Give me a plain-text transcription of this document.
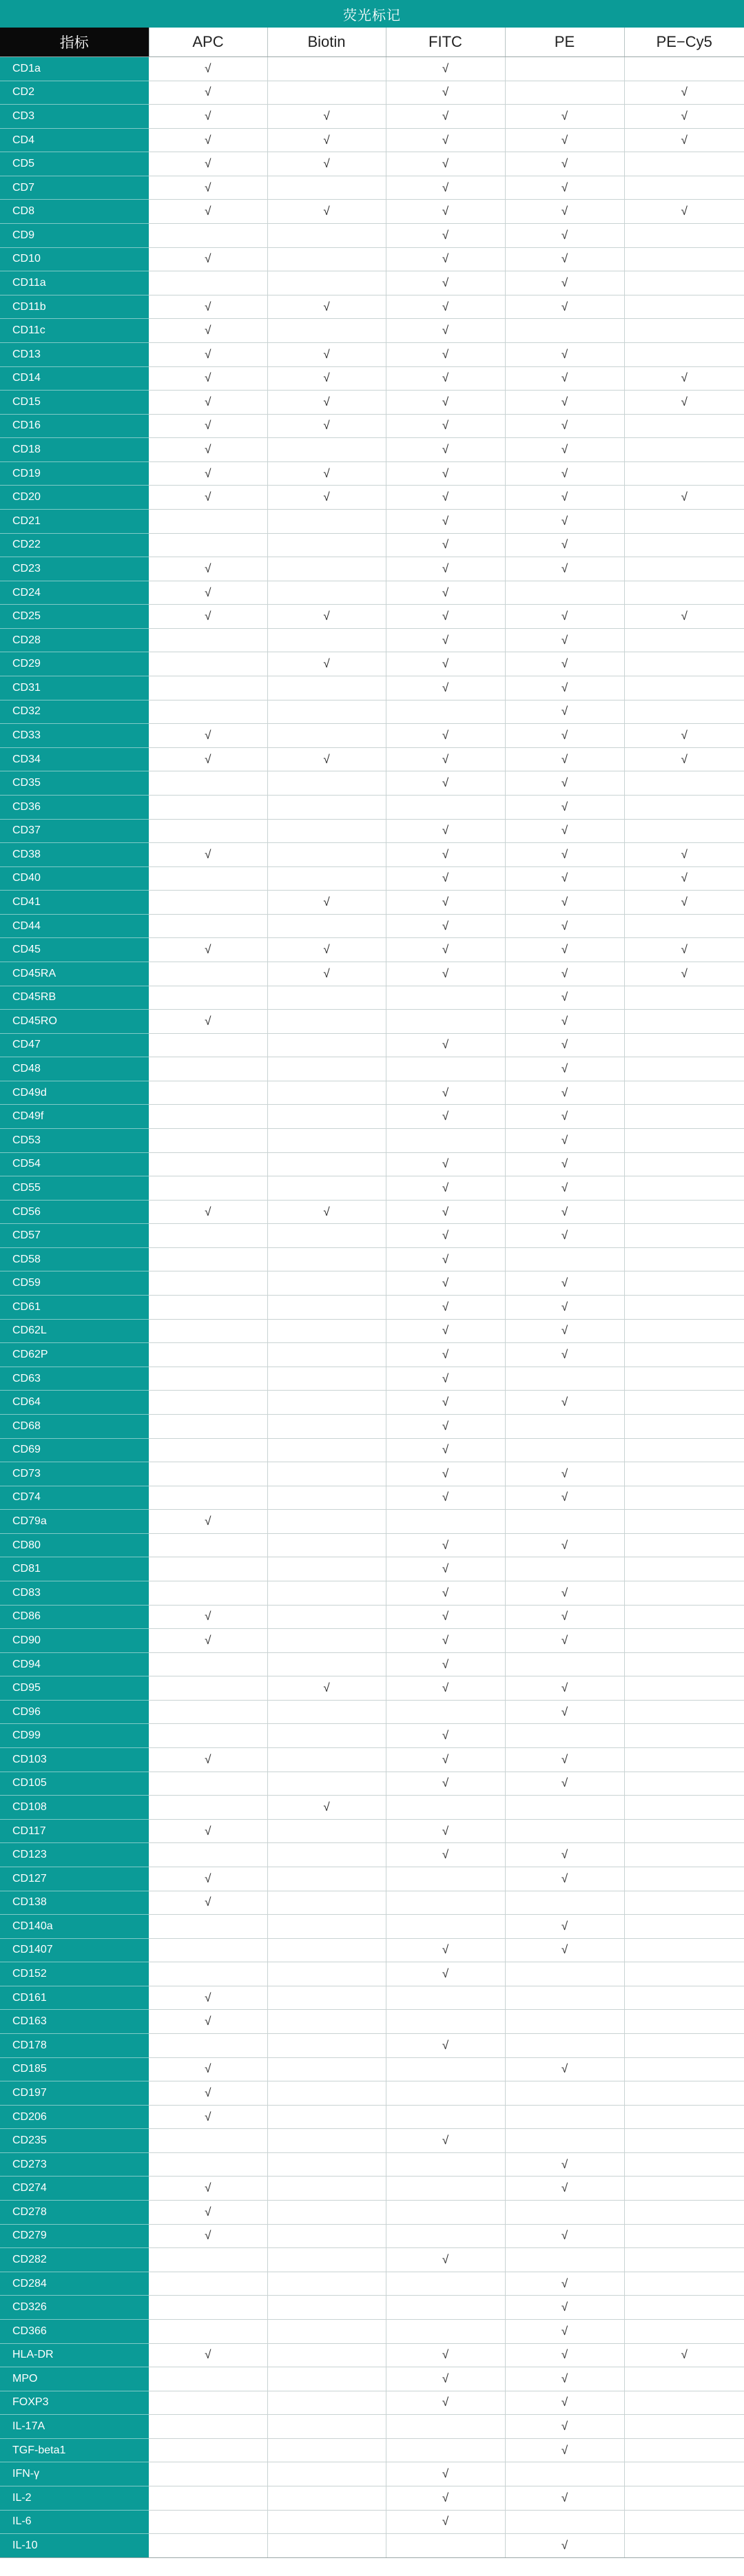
荧光标记
指标	APC	Biotin	FITC	PE	PE−Cy5
CD1a	√		√		
CD2	√		√		√
CD3	√	√	√	√	√
CD4	√	√	√	√	√
CD5	√	√	√	√	
CD7	√		√	√	
CD8	√	√	√	√	√
CD9			√	√	
CD10	√		√	√	
CD11a			√	√	
CD11b	√	√	√	√	
CD11c	√		√		
CD13	√	√	√	√	
CD14	√	√	√	√	√
CD15	√	√	√	√	√
CD16	√	√	√	√	
CD18	√		√	√	
CD19	√	√	√	√	
CD20	√	√	√	√	√
CD21			√	√	
CD22			√	√	
CD23	√		√	√	
CD24	√		√		
CD25	√	√	√	√	√
CD28			√	√	
CD29		√	√	√	
CD31			√	√	
CD32				√	
CD33	√		√	√	√
CD34	√	√	√	√	√
CD35			√	√	
CD36				√	
CD37			√	√	
CD38	√		√	√	√
CD40			√	√	√
CD41		√	√	√	√
CD44			√	√	
CD45	√	√	√	√	√
CD45RA		√	√	√	√
CD45RB				√	
CD45RO	√			√	
CD47			√	√	
CD48				√	
CD49d			√	√	
CD49f			√	√	
CD53				√	
CD54			√	√	
CD55			√	√	
CD56	√	√	√	√	
CD57			√	√	
CD58			√		
CD59			√	√	
CD61			√	√	
CD62L			√	√	
CD62P			√	√	
CD63			√		
CD64			√	√	
CD68			√		
CD69			√		
CD73			√	√	
CD74			√	√	
CD79a	√				
CD80			√	√	
CD81			√		
CD83			√	√	
CD86	√		√	√	
CD90	√		√	√	
CD94			√		
CD95		√	√	√	
CD96				√	
CD99			√		
CD103	√		√	√	
CD105			√	√	
CD108		√			
CD117	√		√		
CD123			√	√	
CD127	√			√	
CD138	√				
CD140a				√	
CD1407			√	√	
CD152			√		
CD161	√				
CD163	√				
CD178			√		
CD185	√			√	
CD197	√				
CD206	√				
CD235			√		
CD273				√	
CD274	√			√	
CD278	√				
CD279	√			√	
CD282			√		
CD284				√	
CD326				√	
CD366				√	
HLA-DR	√		√	√	√
MPO			√	√	
FOXP3			√	√	
IL-17A				√	
TGF-beta1				√	
IFN-γ			√		
IL-2			√	√	
IL-6			√		
IL-10				√	
